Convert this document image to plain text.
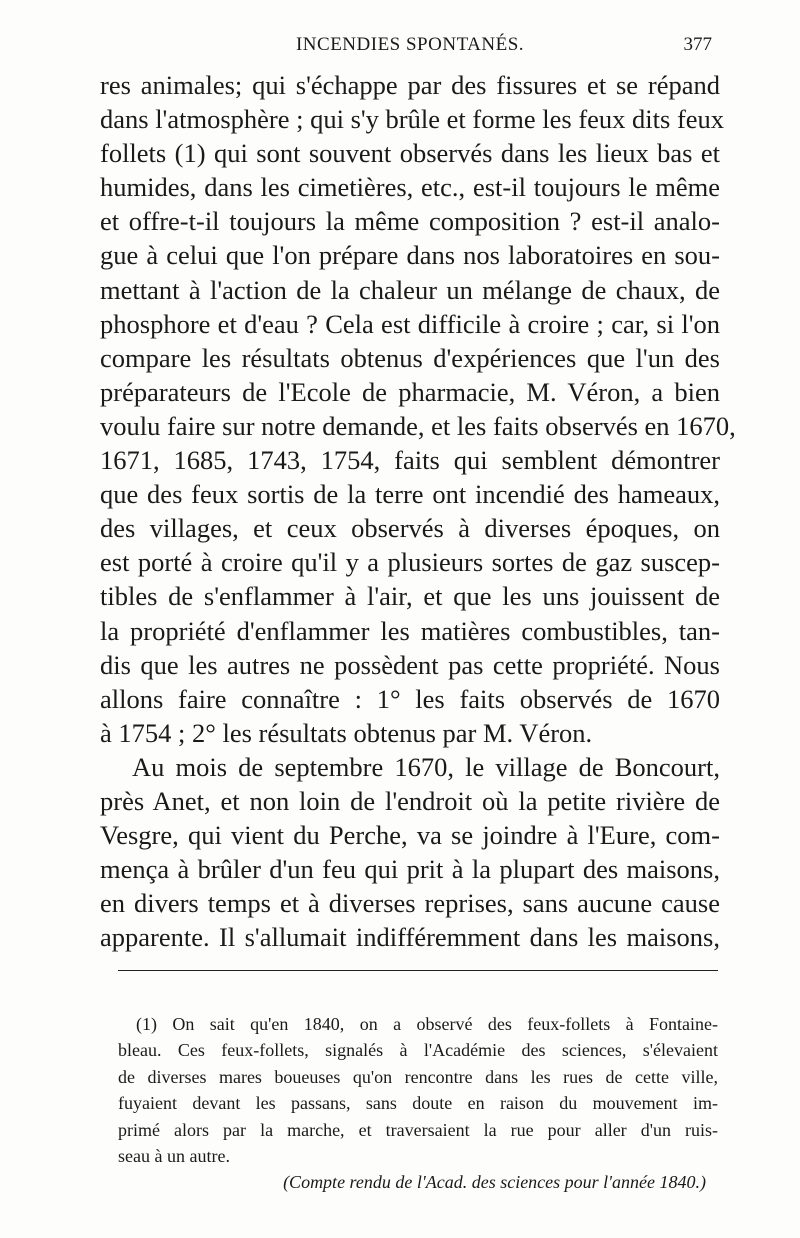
INCENDIES SPONTANÉS.	377
res animales; qui s'échappe par des fissures et se répand
dans l'atmosphère ; qui s'y brûle et forme les feux dits feux
follets (1) qui sont souvent observés dans les lieux bas et
humides, dans les cimetières, etc., est-il toujours le même
et offre-t-il toujours la même composition ? est-il analo-
gue à celui que l'on prépare dans nos laboratoires en sou-
mettant à l'action de la chaleur un mélange de chaux, de
phosphore et d'eau ? Cela est difficile à croire ; car, si l'on
compare les résultats obtenus d'expériences que l'un des
préparateurs de l'Ecole de pharmacie, M. Véron, a bien
voulu faire sur notre demande, et les faits observés en 1670,
1671, 1685, 1743, 1754, faits qui semblent démontrer
que des feux sortis de la terre ont incendié des hameaux,
des villages, et ceux observés à diverses époques, on
est porté à croire qu'il y a plusieurs sortes de gaz suscep-
tibles de s'enflammer à l'air, et que les uns jouissent de
la propriété d'enflammer les matières combustibles, tan-
dis que les autres ne possèdent pas cette propriété. Nous
allons faire connaître : 1° les faits observés de 1670
à 1754 ; 2° les résultats obtenus par M. Véron.
Au mois de septembre 1670, le village de Boncourt,
près Anet, et non loin de l'endroit où la petite rivière de
Vesgre, qui vient du Perche, va se joindre à l'Eure, com-
mença à brûler d'un feu qui prit à la plupart des maisons,
en divers temps et à diverses reprises, sans aucune cause
apparente. Il s'allumait indifféremment dans les maisons,
(1) On sait qu'en 1840, on a observé des feux-follets à Fontaine-
bleau. Ces feux-follets, signalés à l'Académie des sciences, s'élevaient
de diverses mares boueuses qu'on rencontre dans les rues de cette ville,
fuyaient devant les passans, sans doute en raison du mouvement im-
primé alors par la marche, et traversaient la rue pour aller d'un ruis-
seau à un autre.
(Compte rendu de l'Acad. des sciences pour l'année 1840.)
